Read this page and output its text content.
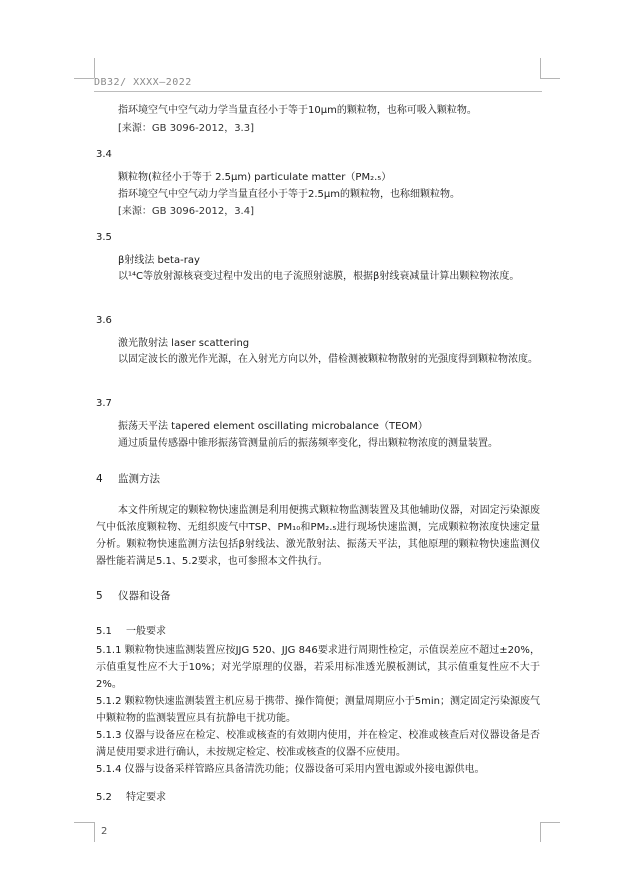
DB32/ XXXX—2022
指环境空气中空气动力学当量直径小于等于10μm的颗粒物，也称可吸入颗粒物。
[来源：GB 3096-2012，3.3]
3.4
颗粒物(粒径小于等于 2.5μm) particulate matter（PM₂.₅）
指环境空气中空气动力学当量直径小于等于2.5μm的颗粒物，也称细颗粒物。
[来源：GB 3096-2012，3.4]
3.5
β射线法 beta-ray
以¹⁴C等放射源核衰变过程中发出的电子流照射滤膜，根据β射线衰减量计算出颗粒物浓度。
3.6
激光散射法 laser scattering
以固定波长的激光作光源，在入射光方向以外，借检测被颗粒物散射的光强度得到颗粒物浓度。
3.7
振荡天平法 tapered element oscillating microbalance（TEOM）
通过质量传感器中锥形振荡管测量前后的振荡频率变化，得出颗粒物浓度的测量装置。
4 监测方法
本文件所规定的颗粒物快速监测是利用便携式颗粒物监测装置及其他辅助仪器，对固定污染源废气中低浓度颗粒物、无组织废气中TSP、PM₁₀和PM₂.₅进行现场快速监测，完成颗粒物浓度快速定量分析。颗粒物快速监测方法包括β射线法、激光散射法、振荡天平法，其他原理的颗粒物快速监测仪器性能若满足5.1、5.2要求，也可参照本文件执行。
5 仪器和设备
5.1 一般要求
5.1.1 颗粒物快速监测装置应按JJG 520、JJG 846要求进行周期性检定，示值误差应不超过±20%，示值重复性应不大于10%；对光学原理的仪器，若采用标准透光膜板测试，其示值重复性应不大于2%。
5.1.2 颗粒物快速监测装置主机应易于携带、操作简便；测量周期应小于5min；测定固定污染源废气中颗粒物的监测装置应具有抗静电干扰功能。
5.1.3 仪器与设备应在检定、校准或核查的有效期内使用，并在检定、校准或核查后对仪器设备是否满足使用要求进行确认，未按规定检定、校准或核查的仪器不应使用。
5.1.4 仪器与设备采样管路应具备清洗功能；仪器设备可采用内置电源或外接电源供电。
5.2 特定要求
2
